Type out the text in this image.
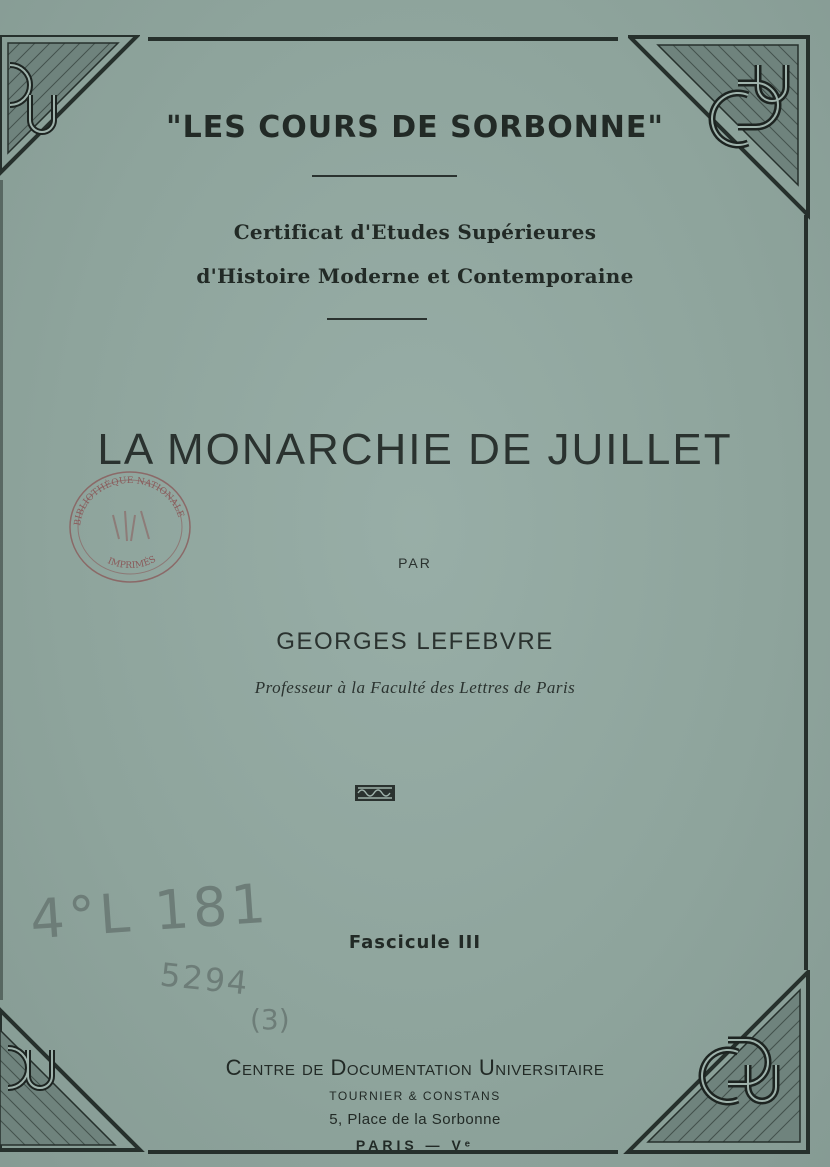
"LES COURS DE SORBONNE"
Certificat d'Etudes Supérieures
d'Histoire Moderne et Contemporaine
LA MONARCHIE DE JUILLET
BIBLIOTHÈQUE NATIONALE
IMPRIMÉS	PAR
GEORGES LEFEBVRE
Professeur à la Faculté des Lettres de Paris
4°L 181
5294
(3)
Fascicule III
Centre de Documentation Universitaire
TOURNIER & CONSTANS
5, Place de la Sorbonne
PARIS — Vᵉ
